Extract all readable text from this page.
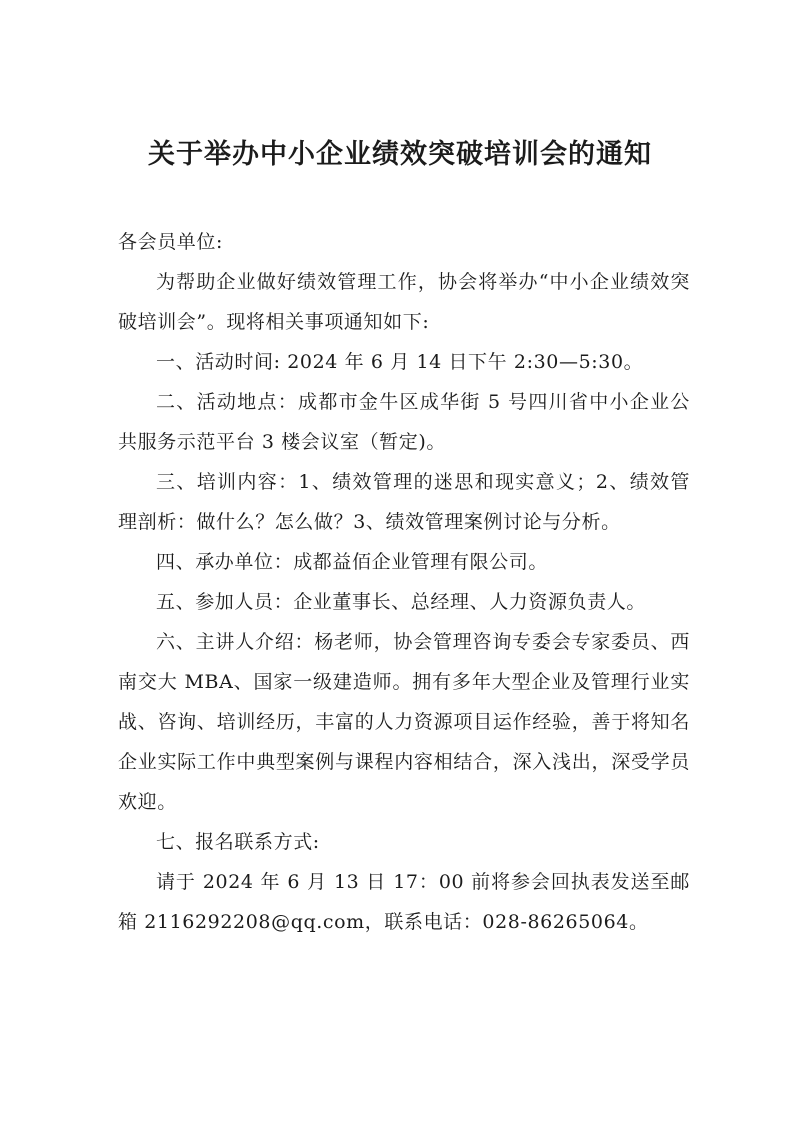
关于举办中小企业绩效突破培训会的通知

各会员单位:

为帮助企业做好绩效管理工作，协会将举办“中小企业绩效突破培训会”。现将相关事项通知如下:

一、活动时间: 2024 年 6 月 14 日下午 2:30—5:30。

二、活动地点：成都市金牛区成华街 5 号四川省中小企业公共服务示范平台 3 楼会议室（暂定)。

三、培训内容：1、绩效管理的迷思和现实意义；2、绩效管理剖析：做什么？怎么做？3、绩效管理案例讨论与分析。

四、承办单位：成都益佰企业管理有限公司。

五、参加人员：企业董事长、总经理、人力资源负责人。

六、主讲人介绍：杨老师，协会管理咨询专委会专家委员、西南交大 MBA、国家一级建造师。拥有多年大型企业及管理行业实战、咨询、培训经历，丰富的人力资源项目运作经验，善于将知名企业实际工作中典型案例与课程内容相结合，深入浅出，深受学员欢迎。

七、报名联系方式:

请于 2024 年 6 月 13 日 17：00 前将参会回执表发送至邮箱 2116292208@qq.com，联系电话：028-86265064。
